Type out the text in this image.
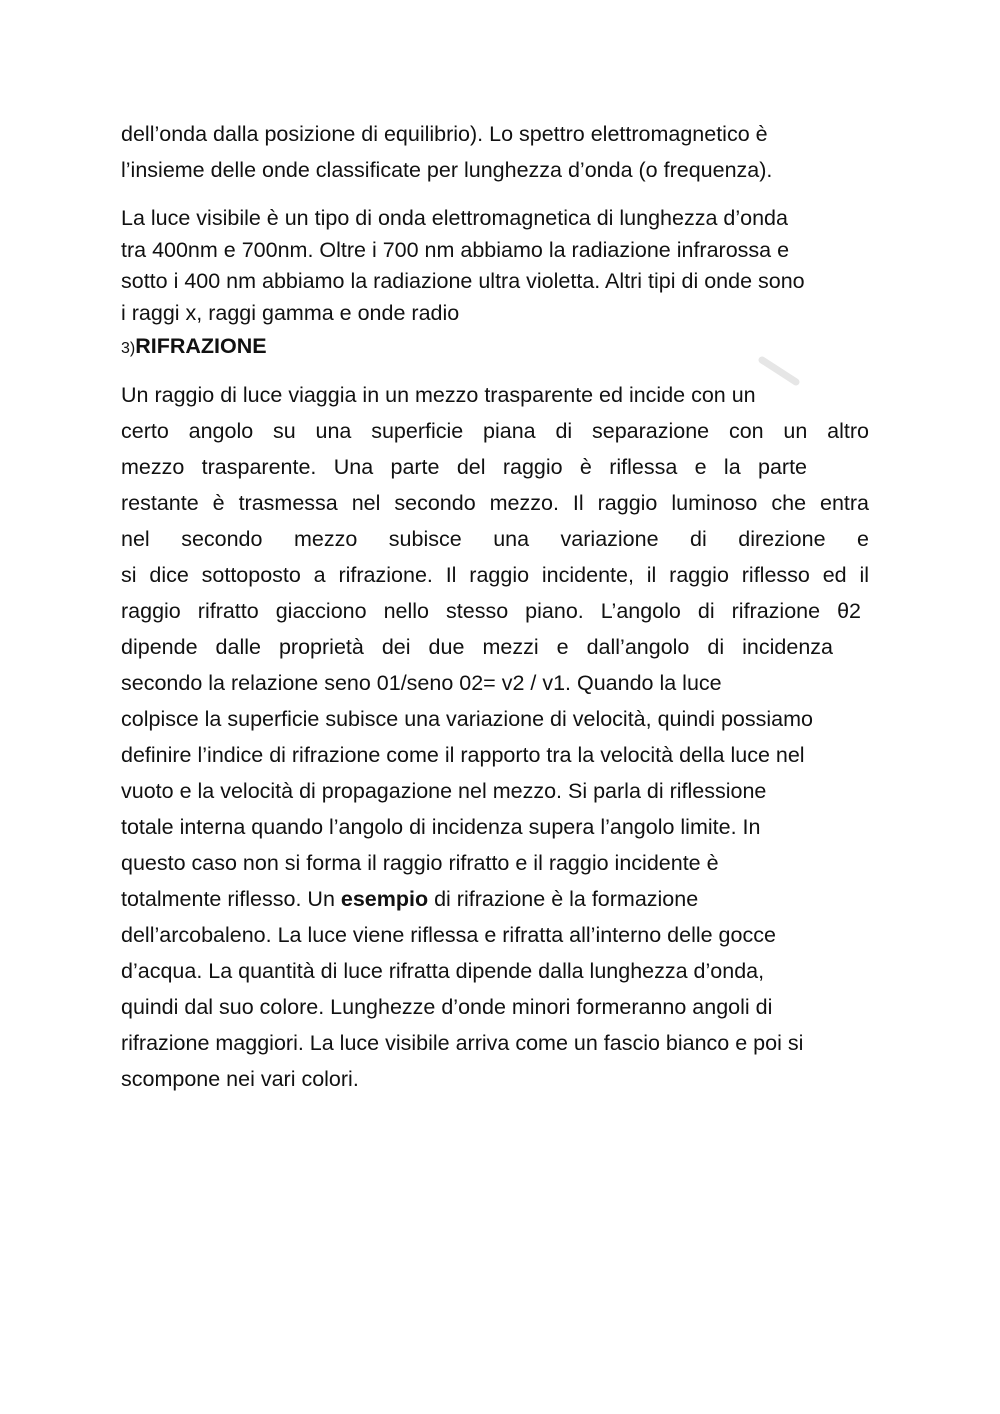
dell’onda dalla posizione di equilibrio). Lo spettro elettromagnetico è
l’insieme delle onde classificate per lunghezza d’onda (o frequenza).
La luce visibile è un tipo di onda elettromagnetica di lunghezza d’onda
tra 400nm e 700nm. Oltre i 700 nm abbiamo la radiazione infrarossa e
sotto i 400 nm abbiamo la radiazione ultra violetta. Altri tipi di onde sono
i raggi x, raggi gamma e onde radio
3)RIFRAZIONE
Un raggio di luce viaggia in un mezzo trasparente ed incide con un
certo angolo su una superficie piana di separazione con un altro
mezzo trasparente. Una parte del raggio è riflessa e la parte
restante è trasmessa nel secondo mezzo. Il raggio luminoso che entra
nel secondo mezzo subisce una variazione di direzione e
si dice sottoposto a rifrazione. Il raggio incidente, il raggio riflesso ed il
raggio rifratto giacciono nello stesso piano. L’angolo di rifrazione θ2
dipende dalle proprietà dei due mezzi e dall’angolo di incidenza
secondo la relazione seno 01/seno 02= v2 / v1. Quando la luce
colpisce la superficie subisce una variazione di velocità, quindi possiamo
definire l’indice di rifrazione come il rapporto tra la velocità della luce nel
vuoto e la velocità di propagazione nel mezzo. Si parla di riflessione
totale interna quando l’angolo di incidenza supera l’angolo limite. In
questo caso non si forma il raggio rifratto e il raggio incidente è
totalmente riflesso. Un esempio di rifrazione è la formazione
dell’arcobaleno. La luce viene riflessa e rifratta all’interno delle gocce
d’acqua. La quantità di luce rifratta dipende dalla lunghezza d’onda,
quindi dal suo colore. Lunghezze d’onde minori formeranno angoli di
rifrazione maggiori. La luce visibile arriva come un fascio bianco e poi si
scompone nei vari colori.
